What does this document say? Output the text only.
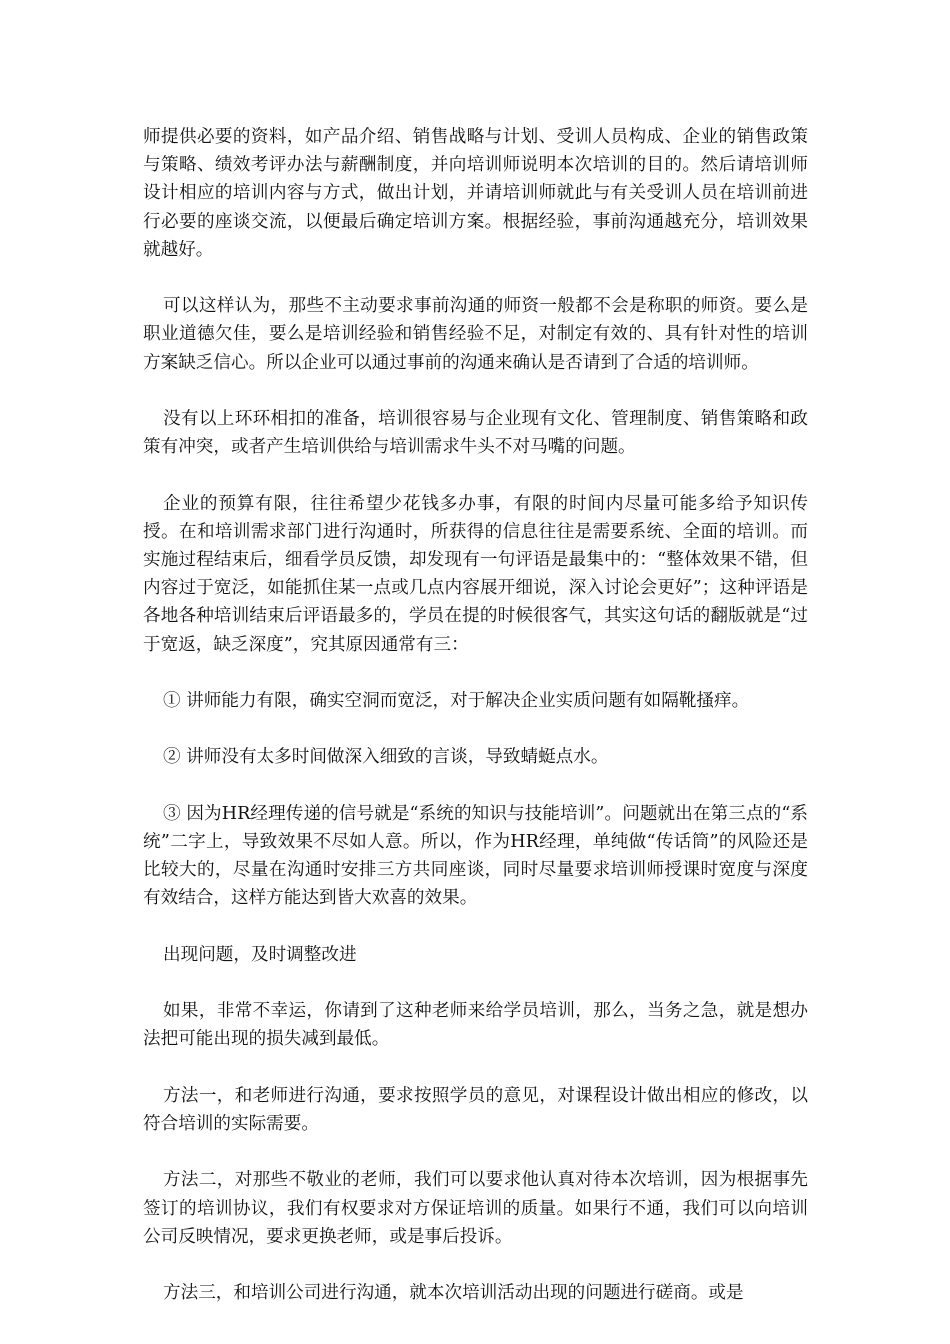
师提供必要的资料，如产品介绍、销售战略与计划、受训人员构成、企业的销售政策与策略、绩效考评办法与薪酬制度，并向培训师说明本次培训的目的。然后请培训师设计相应的培训内容与方式，做出计划，并请培训师就此与有关受训人员在培训前进行必要的座谈交流，以便最后确定培训方案。根据经验，事前沟通越充分，培训效果就越好。

可以这样认为，那些不主动要求事前沟通的师资一般都不会是称职的师资。要么是职业道德欠佳，要么是培训经验和销售经验不足，对制定有效的、具有针对性的培训方案缺乏信心。所以企业可以通过事前的沟通来确认是否请到了合适的培训师。

没有以上环环相扣的准备，培训很容易与企业现有文化、管理制度、销售策略和政策有冲突，或者产生培训供给与培训需求牛头不对马嘴的问题。

企业的预算有限，往往希望少花钱多办事，有限的时间内尽量可能多给予知识传授。在和培训需求部门进行沟通时，所获得的信息往往是需要系统、全面的培训。而实施过程结束后，细看学员反馈，却发现有一句评语是最集中的：“整体效果不错，但内容过于宽泛，如能抓住某一点或几点内容展开细说，深入讨论会更好”；这种评语是各地各种培训结束后评语最多的，学员在提的时候很客气，其实这句话的翻版就是“过于宽返，缺乏深度”，究其原因通常有三：

① 讲师能力有限，确实空洞而宽泛，对于解决企业实质问题有如隔靴搔痒。

② 讲师没有太多时间做深入细致的言谈，导致蜻蜓点水。

③ 因为HR经理传递的信号就是“系统的知识与技能培训”。问题就出在第三点的“系统”二字上，导致效果不尽如人意。所以，作为HR经理，单纯做“传话筒”的风险还是比较大的，尽量在沟通时安排三方共同座谈，同时尽量要求培训师授课时宽度与深度有效结合，这样方能达到皆大欢喜的效果。

出现问题，及时调整改进

如果，非常不幸运，你请到了这种老师来给学员培训，那么，当务之急，就是想办法把可能出现的损失减到最低。

方法一，和老师进行沟通，要求按照学员的意见，对课程设计做出相应的修改，以符合培训的实际需要。

方法二，对那些不敬业的老师，我们可以要求他认真对待本次培训，因为根据事先签订的培训协议，我们有权要求对方保证培训的质量。如果行不通，我们可以向培训公司反映情况，要求更换老师，或是事后投诉。

方法三，和培训公司进行沟通，就本次培训活动出现的问题进行磋商。或是
